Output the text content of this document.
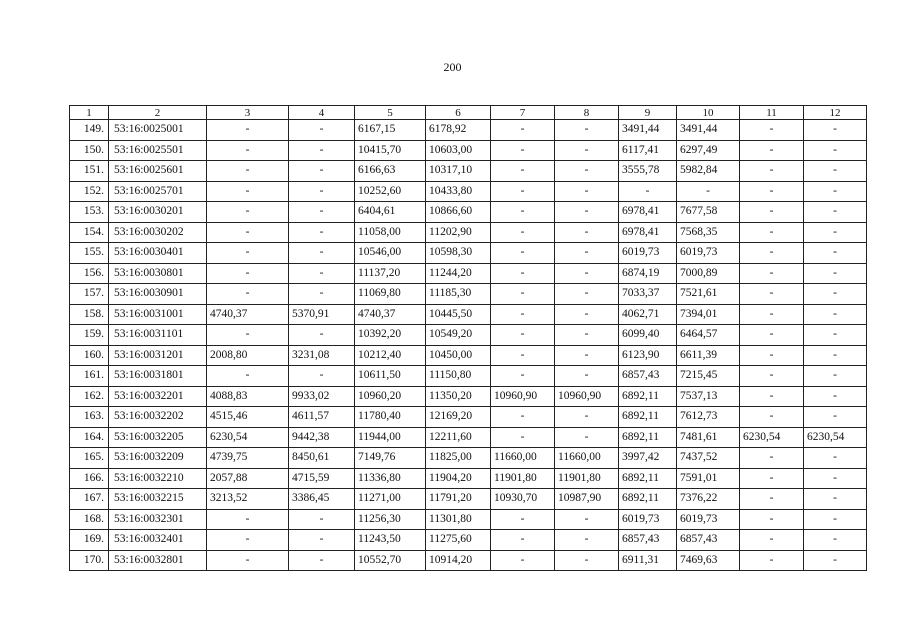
200
1	2	3	4	5	6	7	8	9	10	11	12
149.	53:16:0025001	-	-	6167,15	6178,92	-	-	3491,44	3491,44	-	-
150.	53:16:0025501	-	-	10415,70	10603,00	-	-	6117,41	6297,49	-	-
151.	53:16:0025601	-	-	6166,63	10317,10	-	-	3555,78	5982,84	-	-
152.	53:16:0025701	-	-	10252,60	10433,80	-	-	-	-	-	-
153.	53:16:0030201	-	-	6404,61	10866,60	-	-	6978,41	7677,58	-	-
154.	53:16:0030202	-	-	11058,00	11202,90	-	-	6978,41	7568,35	-	-
155.	53:16:0030401	-	-	10546,00	10598,30	-	-	6019,73	6019,73	-	-
156.	53:16:0030801	-	-	11137,20	11244,20	-	-	6874,19	7000,89	-	-
157.	53:16:0030901	-	-	11069,80	11185,30	-	-	7033,37	7521,61	-	-
158.	53:16:0031001	4740,37	5370,91	4740,37	10445,50	-	-	4062,71	7394,01	-	-
159.	53:16:0031101	-	-	10392,20	10549,20	-	-	6099,40	6464,57	-	-
160.	53:16:0031201	2008,80	3231,08	10212,40	10450,00	-	-	6123,90	6611,39	-	-
161.	53:16:0031801	-	-	10611,50	11150,80	-	-	6857,43	7215,45	-	-
162.	53:16:0032201	4088,83	9933,02	10960,20	11350,20	10960,90	10960,90	6892,11	7537,13	-	-
163.	53:16:0032202	4515,46	4611,57	11780,40	12169,20	-	-	6892,11	7612,73	-	-
164.	53:16:0032205	6230,54	9442,38	11944,00	12211,60	-	-	6892,11	7481,61	6230,54	6230,54
165.	53:16:0032209	4739,75	8450,61	7149,76	11825,00	11660,00	11660,00	3997,42	7437,52	-	-
166.	53:16:0032210	2057,88	4715,59	11336,80	11904,20	11901,80	11901,80	6892,11	7591,01	-	-
167.	53:16:0032215	3213,52	3386,45	11271,00	11791,20	10930,70	10987,90	6892,11	7376,22	-	-
168.	53:16:0032301	-	-	11256,30	11301,80	-	-	6019,73	6019,73	-	-
169.	53:16:0032401	-	-	11243,50	11275,60	-	-	6857,43	6857,43	-	-
170.	53:16:0032801	-	-	10552,70	10914,20	-	-	6911,31	7469,63	-	-
